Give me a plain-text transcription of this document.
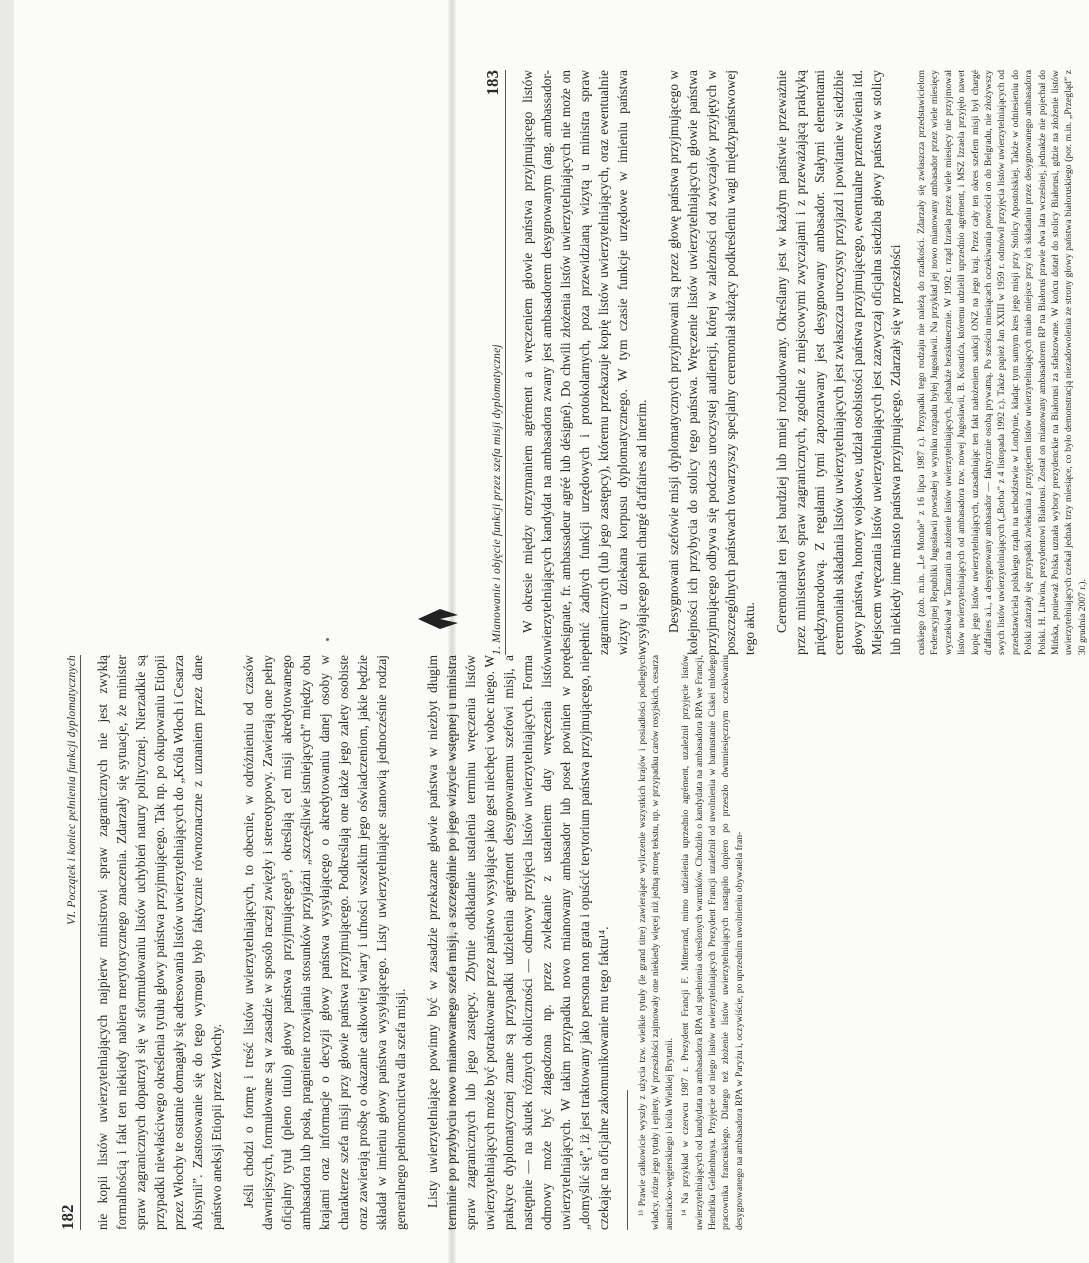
182
VI. Początek i koniec pełnienia funkcji dyplomatycznych nie kopii listów uwierzytelniających najpierw ministrowi spraw zagranicznych nie jest zwykłą formalnością i fakt ten niekiedy nabiera merytorycznego znaczenia. Zdarzały się sytuacje, że minister spraw zagranicznych dopatrzył się w sformułowaniu listów uchybień natury politycznej. Nierzadkie są przypadki niewłaściwego określenia tytułu głowy państwa przyjmującego. Tak np. po okupowaniu Etiopii przez Włochy te ostatnie domagały się adresowania listów uwierzytelniających do „Króla Włoch i Cesarza Abisynii”. Zastosowanie się do tego wymogu było faktycznie równoznaczne z uznaniem przez dane państwo aneksji Etiopii przez Włochy. Jeśli chodzi o formę i treść listów uwierzytelniających, to obecnie, w odróżnieniu od czasów dawniejszych, formułowane są w zasadzie w sposób raczej zwięzły i stereotypowy. Zawierają one pełny oficjalny tytuł (pleno titulo) głowy państwa przyjmującego¹³, określają cel misji akredytowanego ambasadora lub posła, pragnienie rozwijania stosunków przyjaźni „szczęśliwie istniejących” między obu krajami oraz informacje o decyzji głowy państwa wysyłającego o akredytowaniu danej osoby w charakterze szefa misji przy głowie państwa przyjmującego. Podkreślają one także jego zalety osobiste oraz zawierają prośbę o okazanie całkowitej wiary i ufności wszelkim jego oświadczeniom, jakie będzie składał w imieniu głowy państwa wysyłającego. Listy uwierzytelniające stanowią jednocześnie rodzaj generalnego pełnomocnictwa dla szefa misji. Listy uwierzytelniające powinny być w zasadzie przekazane głowie państwa w niezbyt długim terminie po przybyciu nowo mianowanego szefa misji, a szczególnie po jego wizycie wstępnej u ministra spraw zagranicznych lub jego zastępcy. Zbytnie odkładanie ustalenia terminu wręczenia listów uwierzytelniających może być potraktowane przez państwo wysyłające jako gest niechęci wobec niego. W praktyce dyplomatycznej znane są przypadki udzielenia agrément desygnowanemu szefowi misji, a następnie — na skutek różnych okoliczności — odmowy przyjęcia listów uwierzytelniających. Forma odmowy może być złagodzona np. przez zwlekanie z ustaleniem daty wręczenia listów uwierzytelniających. W takim przypadku nowo mianowany ambasador lub poseł powinien w porę „domyślić się”, iż jest traktowany jako persona non grata i opuścić terytorium państwa przyjmującego, nie czekając na oficjalne zakomunikowanie mu tego faktu¹⁴.	¹³ Prawie całkowicie wyszły z użycia tzw. wielkie tytuły (le grand titre) zawierające wyliczenie wszystkich krajów i posiadłości podległych władcy, różne jego tytuły i epitety. W przeszłości zajmowały one niekiedy więcej niż jedną stronę tekstu, np. w przypadku carów rosyjskich, cesarza austriacko-węgierskiego i króla Wielkiej Brytanii. ¹⁴ Na przykład w czerwcu 1987 r. Prezydent Francji F. Mitterrand, mimo udzielenia uprzednio agrément, uzależnił przyjęcie listów uwierzytelniających od kandydata na ambasadora RPA od spełnienia określonych warunków. Chodziło o kandydata na ambasadora RPA we Francji, Hendrika Geldenhuysa. Przyjęcie od niego listów uwierzytelniających Prezydent Francji uzależnił od uwolnienia w bantustanie Ciskei młodego pracownika francuskiego. Dlatego też złożenie listów uwierzytelniających nastąpiło dopiero po przeszło dwumiesięcznym oczekiwaniu desygnowanego na ambasadora RPA w Paryżu i, oczywiście, po uprzednim uwolnieniu obywatela fran-

1. Mianowanie i objęcie funkcji przez szefa misji dyplomatycznej
183 W okresie między otrzymaniem agrément a wręczeniem głowie państwa przyjmującego listów uwierzytelniających kandydat na ambasadora zwany jest ambasadorem desygnowanym (ang. ambassador-designate, fr. ambassadeur agréé lub désigné). Do chwili złożenia listów uwierzytelniających nie może on pełnić żadnych funkcji urzędowych i protokolarnych, poza przewidzianą wizytą u ministra spraw zagranicznych (lub jego zastępcy), któremu przekazuje kopię listów uwierzytelniających, oraz ewentualnie wizyty u dziekana korpusu dyplomatycznego. W tym czasie funkcje urzędowe w imieniu państwa wysyłającego pełni chargé d'affaires ad interim. Desygnowani szefowie misji dyplomatycznych przyjmowani są przez głowę państwa przyjmującego w kolejności ich przybycia do stolicy tego państwa. Wręczenie listów uwierzytelniających głowie państwa przyjmującego odbywa się podczas uroczystej audiencji, której w zależności od zwyczajów przyjętych w poszczególnych państwach towarzyszy specjalny ceremoniał służący podkreśleniu wagi międzypaństwowej tego aktu. Ceremoniał ten jest bardziej lub mniej rozbudowany. Określany jest w każdym państwie przeważnie przez ministerstwo spraw zagranicznych, zgodnie z miejscowymi zwyczajami i z przeważającą praktyką międzynarodową. Z regułami tymi zapoznawany jest desygnowany ambasador. Stałymi elementami ceremoniału składania listów uwierzytelniających jest zwłaszcza uroczysty przyjazd i powitanie w siedzibie głowy państwa, honory wojskowe, udział osobistości państwa przyjmującego, ewentualne przemówienia itd. Miejscem wręczania listów uwierzytelniających jest zazwyczaj oficjalna siedziba głowy państwa w stolicy lub niekiedy inne miasto państwa przyjmującego. Zdarzały się w przeszłości cuskiego (zob. m.in. „Le Monde” z 16 lipca 1987 r.). Przypadki tego rodzaju nie należą do rzadkości. Zdarzały się zwłaszcza przedstawicielom Federacyjnej Republiki Jugosławii powstałej w wyniku rozpadu byłej Jugosławii. Na przykład jej nowo mianowany ambasador przez wiele miesięcy wyczekiwał w Tanzanii na złożenie listów uwierzytelniających, jednakże bezskutecznie. W 1992 r. rząd Izraela przez wiele miesięcy nie przyjmował listów uwierzytelniających od ambasadora tzw. nowej Jugosławii, B. Kosutića, któremu udzielił uprzednio agrément, i MSZ Izraela przyjęło nawet kopię jego listów uwierzytelniających, uzasadniając ten fakt nałożeniem sankcji ONZ na jego kraj. Przez cały ten okres szefem misji był chargé d'affaires a.i., a desygnowany ambasador — faktycznie osobą prywatną. Po sześciu miesiącach oczekiwania powrócił on do Belgradu, nie złożywszy swych listów uwierzytelniających („Borba” z 4 listopada 1992 r.). Także papież Jan XXIII w 1959 r. odmówił przyjęcia listów uwierzytelniających od przedstawiciela polskiego rządu na uchodźstwie w Londynie, kładąc tym samym kres jego misji przy Stolicy Apostolskiej. Także w odniesieniu do Polski zdarzały się przypadki zwlekania z przyjęciem listów uwierzytelniających miało miejsce przy ich składaniu przez desygnowanego ambasadora Polski. H. Litwina, prezydentowi Białorusi. Został on mianowany ambasadorem RP na Białoruś prawie dwa lata wcześniej, jednakże nie pojechał do Mińska, ponieważ Polska uznała wybory prezydenckie na Białorusi za sfałszowane. W końcu dotarł do stolicy Białorusi, gdzie na złożenie listów uwierzytelniających czekał jednak trzy miesiące, co było demonstracją niezadowolenia ze strony głowy państwa białoruskiego (por. m.in. „Przegląd” z 30 grudnia 2007 r.).
